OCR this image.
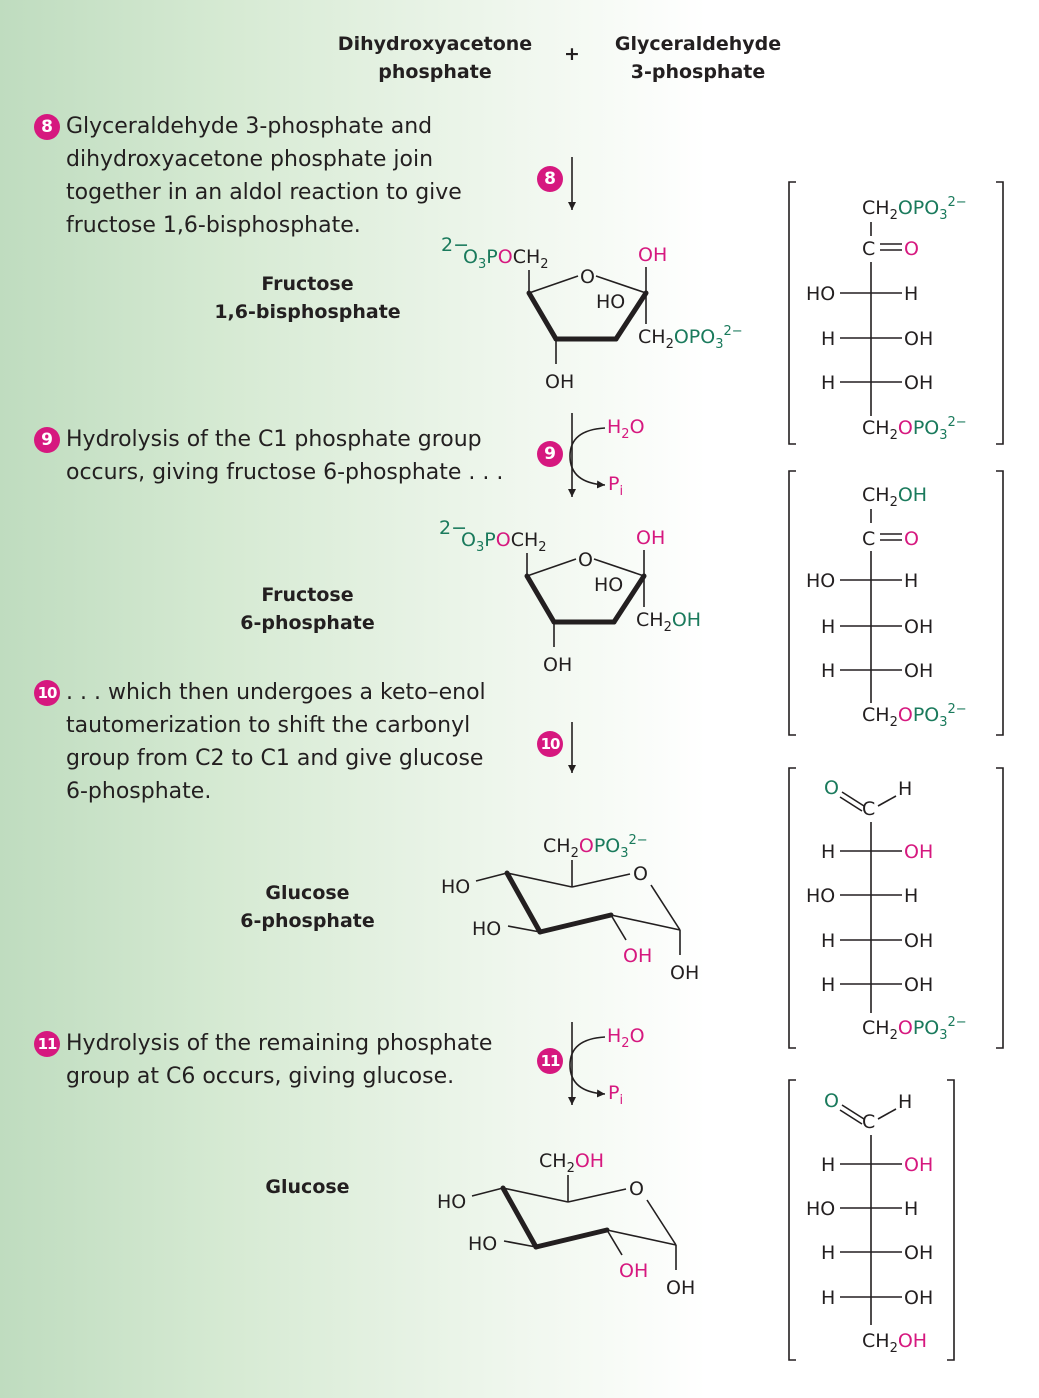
Dihydroxyacetone
phosphate
+	Glyceraldehyde
3-phosphate
8 Glyceraldehyde 3-phosphate and
dihydroxyacetone phosphate join
together in an aldol reaction to give
fructose 1,6-bisphosphate.
9 Hydrolysis of the C1 phosphate group
occurs, giving fructose 6-phosphate . . .
10 . . . which then undergoes a keto–enol
tautomerization to shift the carbonyl
group from C2 to C1 and give glucose
6-phosphate.
11 Hydrolysis of the remaining phosphate
group at C6 occurs, giving glucose.
Fructose
1,6-bisphosphate
Fructose
6-phosphate
Glucose
6-phosphate
Glucose
8
9
10
11
$H_2O$
$P_i$
$H_2O$
$P_i$
2−
$O_3POCH_2$
O
OH
HO
$CH_2OPO_3^{2-}$
OH
2−
$O_3POCH_2$
O
OH
HO
$CH_2OH$
OH
$CH_2OPO_3^{2-}$
O
HO
HO
OH
OH
$CH_2OH$
O
HO
HO
OH
OH
$CH_2OPO_3^{2-}$
C O
HO	H
H	OH
H	OH
$CH_2OPO_3^{2-}$
$CH_2OH$
C O
HO	H
H	OH
H	OH
$CH_2OPO_3^{2-}$
O
C
H
H	OH
HO	H
H	OH
H	OH
$CH_2OPO_3^{2-}$
O
C
H
H	OH
HO	H
H	OH
H	OH
$CH_2OH$
